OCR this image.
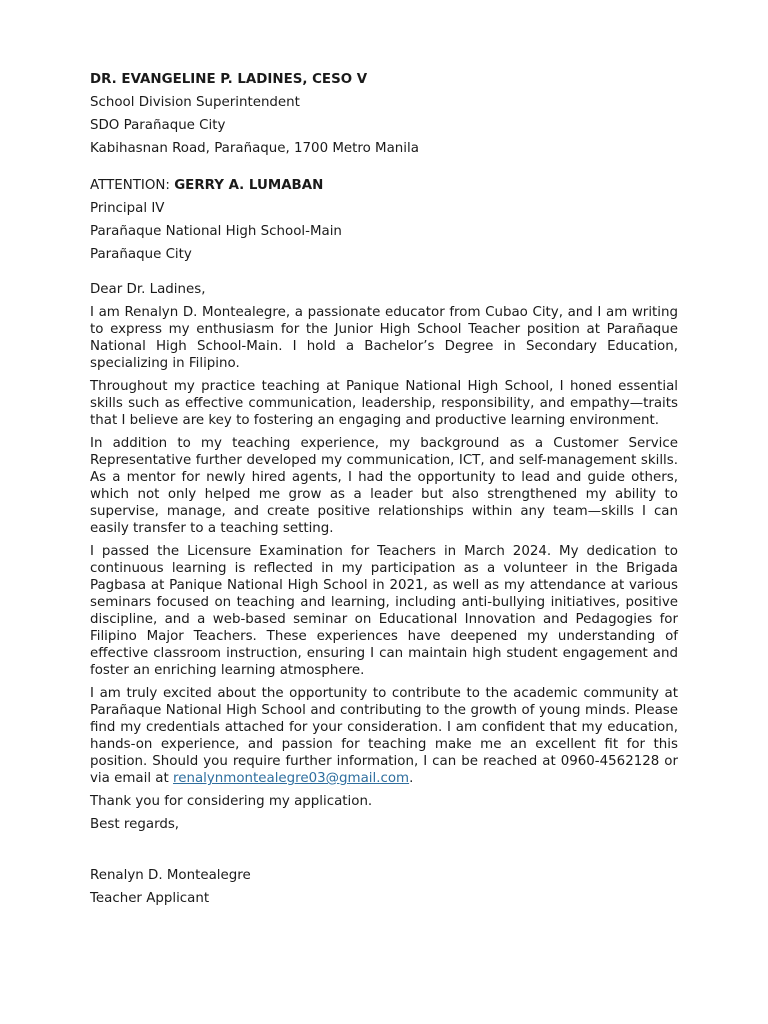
DR. EVANGELINE P. LADINES, CESO V
School Division Superintendent
SDO Parañaque City
Kabihasnan Road, Parañaque, 1700 Metro Manila
ATTENTION: GERRY A. LUMABAN
Principal IV
Parañaque National High School-Main
Parañaque City
Dear Dr. Ladines,

I am Renalyn D. Montealegre, a passionate educator from Cubao City, and I am writing to express my enthusiasm for the Junior High School Teacher position at Parañaque National High School-Main. I hold a Bachelor’s Degree in Secondary Education, specializing in Filipino.

Throughout my practice teaching at Panique National High School, I honed essential skills such as effective communication, leadership, responsibility, and empathy—traits that I believe are key to fostering an engaging and productive learning environment.

In addition to my teaching experience, my background as a Customer Service Representative further developed my communication, ICT, and self-management skills. As a mentor for newly hired agents, I had the opportunity to lead and guide others, which not only helped me grow as a leader but also strengthened my ability to supervise, manage, and create positive relationships within any team—skills I can easily transfer to a teaching setting.

I passed the Licensure Examination for Teachers in March 2024. My dedication to continuous learning is reflected in my participation as a volunteer in the Brigada Pagbasa at Panique National High School in 2021, as well as my attendance at various seminars focused on teaching and learning, including anti-bullying initiatives, positive discipline, and a web-based seminar on Educational Innovation and Pedagogies for Filipino Major Teachers. These experiences have deepened my understanding of effective classroom instruction, ensuring I can maintain high student engagement and foster an enriching learning atmosphere.

I am truly excited about the opportunity to contribute to the academic community at Parañaque National High School and contributing to the growth of young minds. Please find my credentials attached for your consideration. I am confident that my education, hands-on experience, and passion for teaching make me an excellent fit for this position. Should you require further information, I can be reached at 0960-4562128 or via email at renalynmontealegre03@gmail.com.

Thank you for considering my application.
Best regards,
Renalyn D. Montealegre
Teacher Applicant
